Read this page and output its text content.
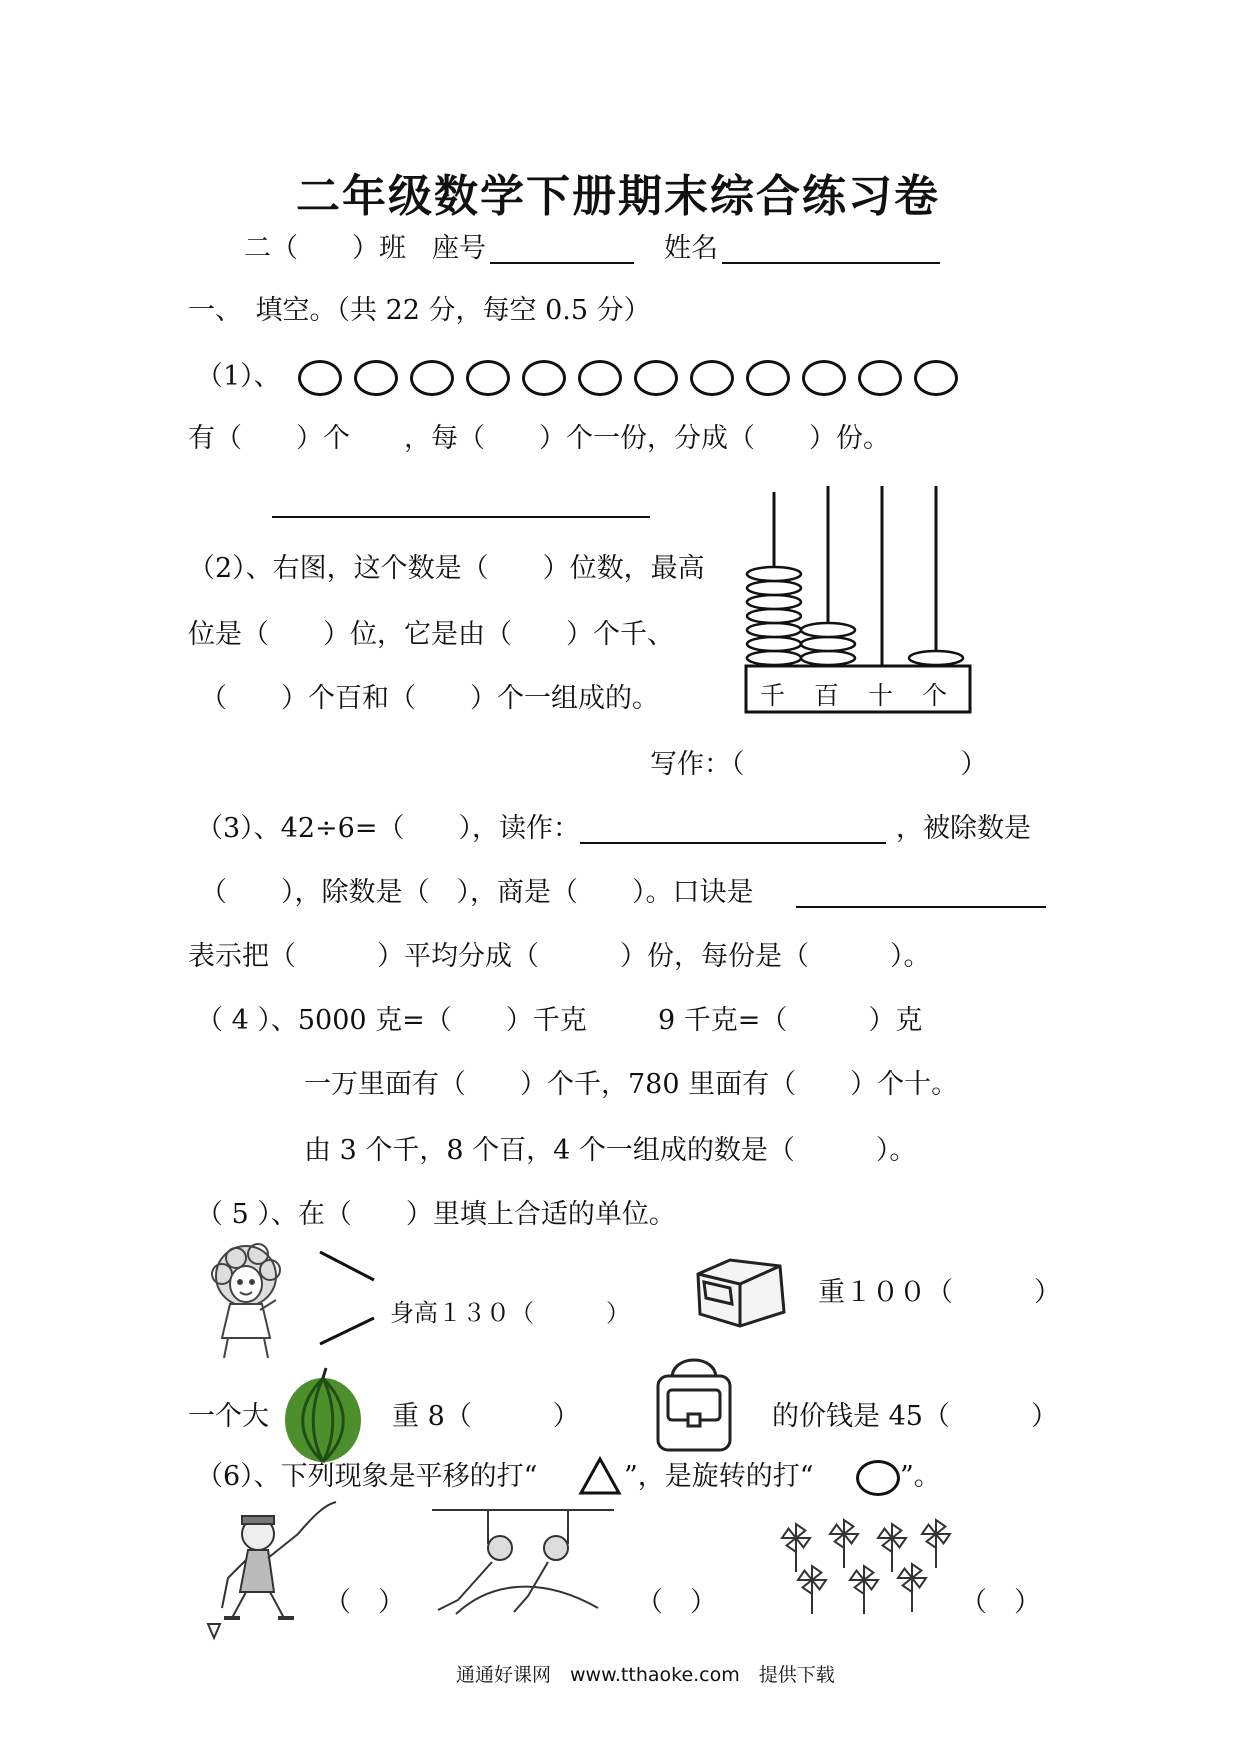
二年级数学下册期末综合练习卷
二（　　）班 座号	姓名
一、　填空。（共 22 分，每空 0.5 分）
（1）、
有（　　）个　　，每（　　）个一份，分成（　　）份。
千 百 十 个
（2）、右图，这个数是（　　）位数，最高
位是（　　）位，它是由（　　）个千、
（　　）个百和（　　）个一组成的。
写作：（　　　　　　　　）
（3）、42÷6=（　　），读作：	，被除数是
（　　），除数是（　），商是（　　）。口诀是
表示把（　　　）平均分成（　　　）份，每份是（　　　）。
（ 4 ）、5000 克=（　　）千克	9 千克=（　　　）克
一万里面有（　　）个千，780 里面有（　　）个十。
由 3 个千，8 个百，4 个一组成的数是（　　　）。
（ 5 ）、在（　　）里填上合适的单位。
身高１３０（　　　）
重１００（　　　）
一个大	重 8（　　　）	的价钱是 45（　　　）
（6）、下列现象是平移的打“	”，是旋转的打“	”。
（　）	（　）	（　）
通通好课网　www.tthaoke.com　提供下载
